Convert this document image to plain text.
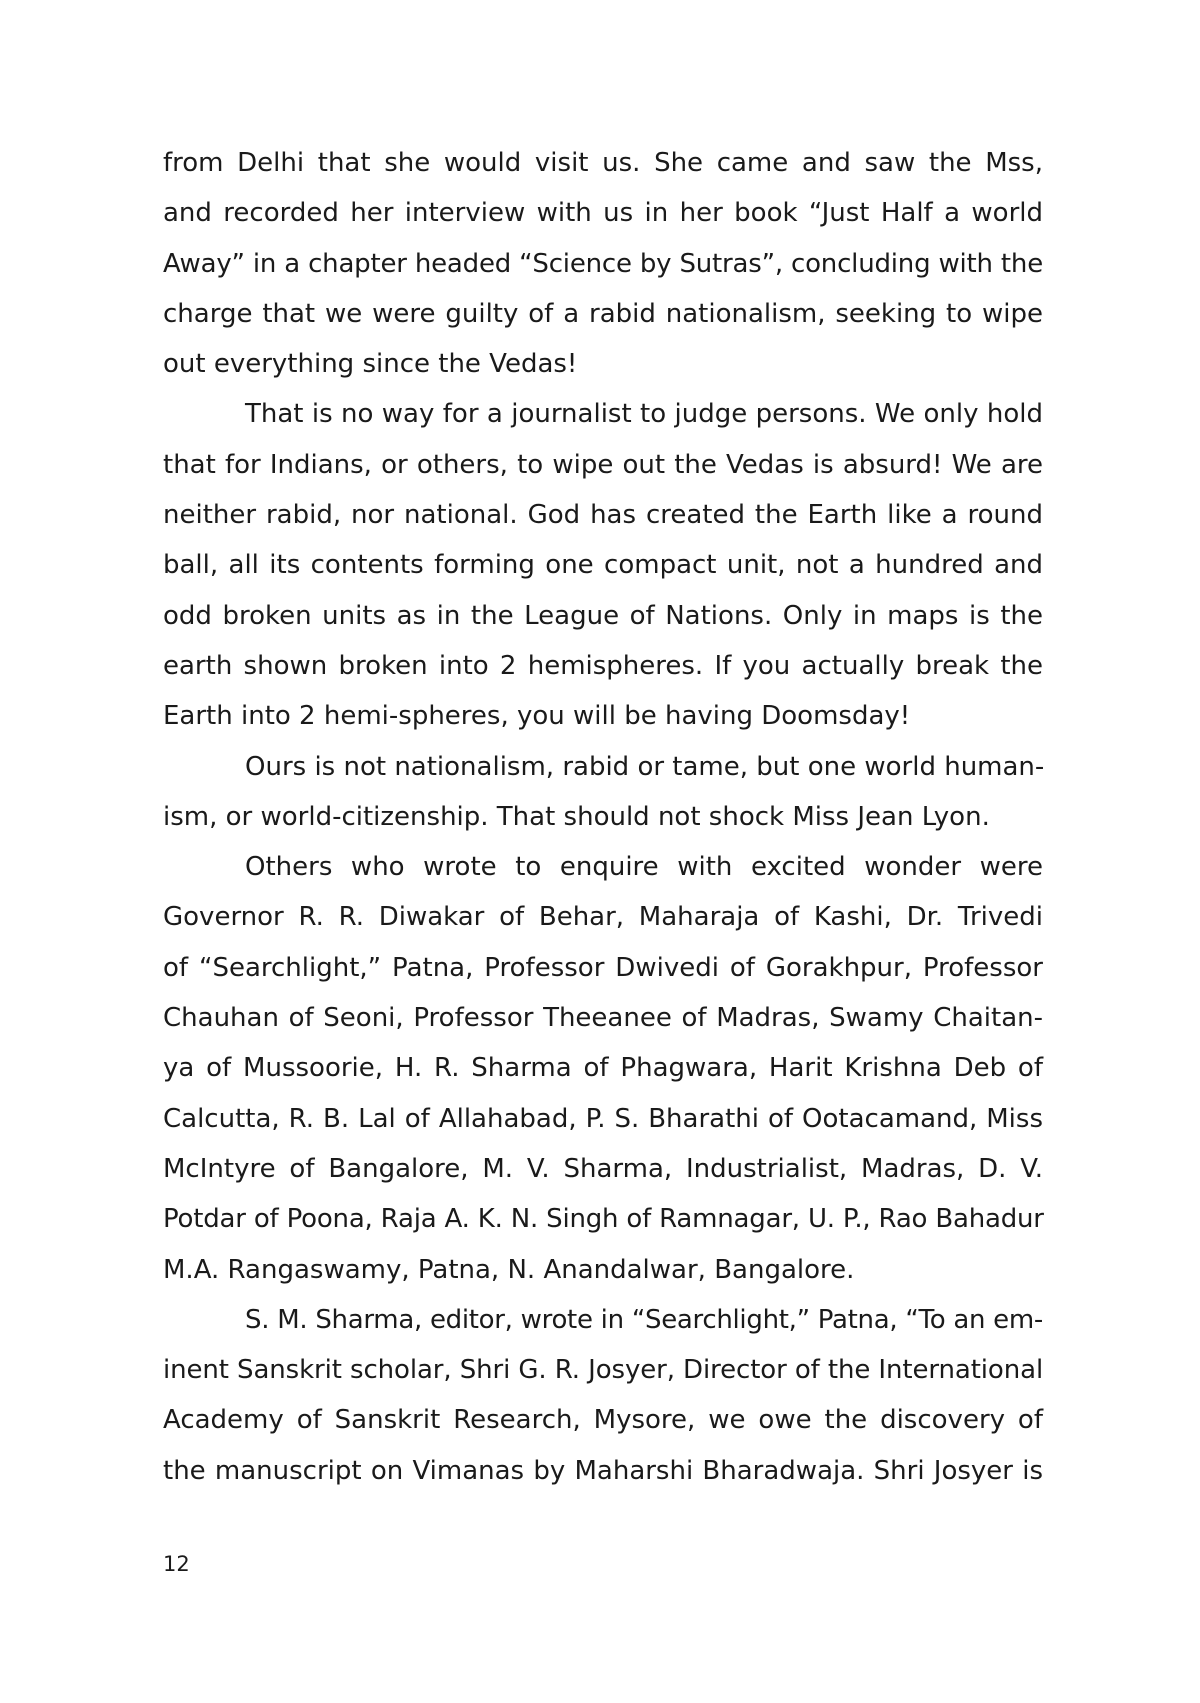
from Delhi that she would visit us. She came and saw the Mss,
and recorded her interview with us in her book “Just Half a world
Away” in a chapter headed “Science by Sutras”, concluding with the
charge that we were guilty of a rabid nationalism, seeking to wipe
out everything since the Vedas!
That is no way for a journalist to judge persons. We only hold
that for Indians, or others, to wipe out the Vedas is absurd! We are
neither rabid, nor national. God has created the Earth like a round
ball, all its contents forming one compact unit, not a hundred and
odd broken units as in the League of Nations. Only in maps is the
earth shown broken into 2 hemispheres. If you actually break the
Earth into 2 hemi-spheres, you will be having Doomsday!
Ours is not nationalism, rabid or tame, but one world human-
ism, or world-citizenship. That should not shock Miss Jean Lyon.
Others who wrote to enquire with excited wonder were
Governor R. R. Diwakar of Behar, Maharaja of Kashi, Dr. Trivedi
of “Searchlight,” Patna, Professor Dwivedi of Gorakhpur, Professor
Chauhan of Seoni, Professor Theeanee of Madras, Swamy Chaitan-
ya of Mussoorie, H. R. Sharma of Phagwara, Harit Krishna Deb of
Calcutta, R. B. Lal of Allahabad, P. S. Bharathi of Ootacamand, Miss
McIntyre of Bangalore, M. V. Sharma, Industrialist, Madras, D. V.
Potdar of Poona, Raja A. K. N. Singh of Ramnagar, U. P., Rao Bahadur
M.A. Rangaswamy, Patna, N. Anandalwar, Bangalore.
S. M. Sharma, editor, wrote in “Searchlight,” Patna, “To an em-
inent Sanskrit scholar, Shri G. R. Josyer, Director of the International
Academy of Sanskrit Research, Mysore, we owe the discovery of
the manuscript on Vimanas by Maharshi Bharadwaja. Shri Josyer is
12
